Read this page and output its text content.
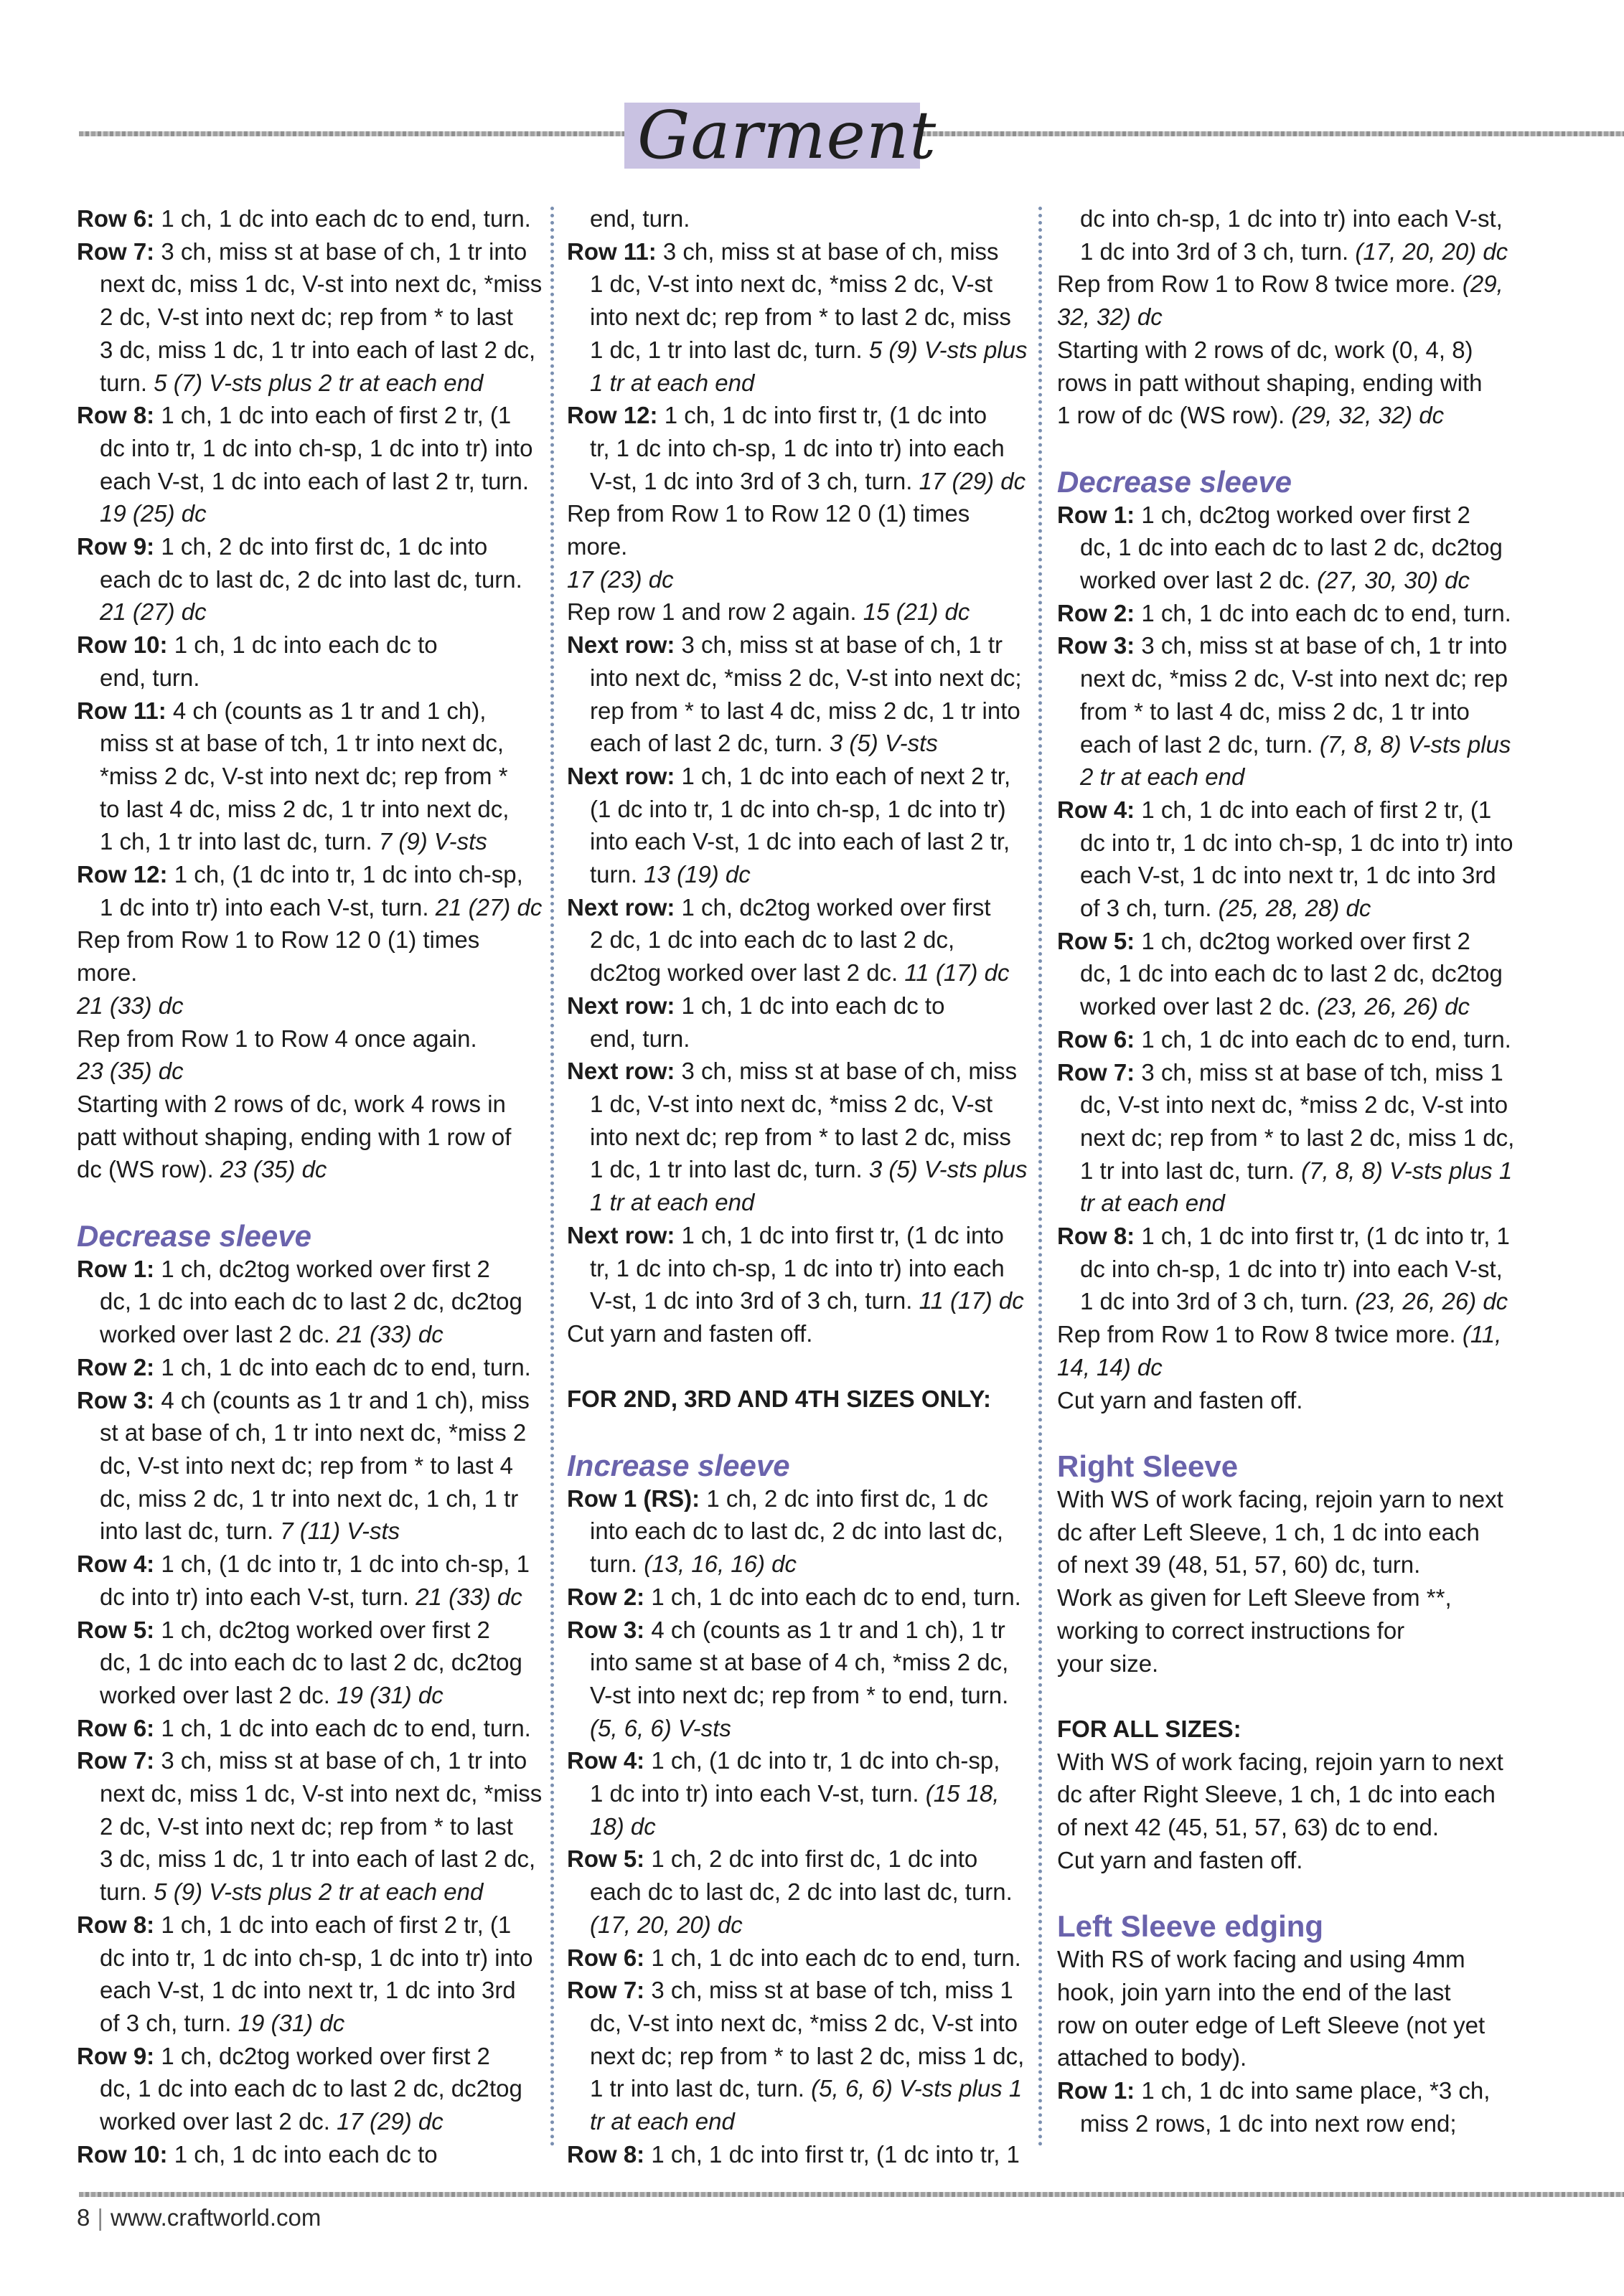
Garment
Row 6: 1 ch, 1 dc into each dc to end, turn.
Row 7: 3 ch, miss st at base of ch, 1 tr into
next dc, miss 1 dc, V-st into next dc, *miss
2 dc, V-st into next dc; rep from * to last
3 dc, miss 1 dc, 1 tr into each of last 2 dc,
turn. 5 (7) V-sts plus 2 tr at each end
Row 8: 1 ch, 1 dc into each of first 2 tr, (1
dc into tr, 1 dc into ch-sp, 1 dc into tr) into
each V-st, 1 dc into each of last 2 tr, turn.
19 (25) dc
Row 9: 1 ch, 2 dc into first dc, 1 dc into
each dc to last dc, 2 dc into last dc, turn.
21 (27) dc
Row 10: 1 ch, 1 dc into each dc to
end, turn.
Row 11: 4 ch (counts as 1 tr and 1 ch),
miss st at base of tch, 1 tr into next dc,
*miss 2 dc, V-st into next dc; rep from *
to last 4 dc, miss 2 dc, 1 tr into next dc,
1 ch, 1 tr into last dc, turn. 7 (9) V-sts
Row 12: 1 ch, (1 dc into tr, 1 dc into ch-sp,
1 dc into tr) into each V-st, turn. 21 (27) dc
Rep from Row 1 to Row 12 0 (1) times more.
21 (33) dc
Rep from Row 1 to Row 4 once again.
23 (35) dc
Starting with 2 rows of dc, work 4 rows in
patt without shaping, ending with 1 row of
dc (WS row). 23 (35) dc
Decrease sleeve
Row 1: 1 ch, dc2tog worked over first 2
dc, 1 dc into each dc to last 2 dc, dc2tog
worked over last 2 dc. 21 (33) dc
Row 2: 1 ch, 1 dc into each dc to end, turn.
Row 3: 4 ch (counts as 1 tr and 1 ch), miss
st at base of ch, 1 tr into next dc, *miss 2
dc, V-st into next dc; rep from * to last 4
dc, miss 2 dc, 1 tr into next dc, 1 ch, 1 tr
into last dc, turn. 7 (11) V-sts
Row 4: 1 ch, (1 dc into tr, 1 dc into ch-sp, 1
dc into tr) into each V-st, turn. 21 (33) dc
Row 5: 1 ch, dc2tog worked over first 2
dc, 1 dc into each dc to last 2 dc, dc2tog
worked over last 2 dc. 19 (31) dc
Row 6: 1 ch, 1 dc into each dc to end, turn.
Row 7: 3 ch, miss st at base of ch, 1 tr into
next dc, miss 1 dc, V-st into next dc, *miss
2 dc, V-st into next dc; rep from * to last
3 dc, miss 1 dc, 1 tr into each of last 2 dc,
turn. 5 (9) V-sts plus 2 tr at each end
Row 8: 1 ch, 1 dc into each of first 2 tr, (1
dc into tr, 1 dc into ch-sp, 1 dc into tr) into
each V-st, 1 dc into next tr, 1 dc into 3rd
of 3 ch, turn. 19 (31) dc
Row 9: 1 ch, dc2tog worked over first 2
dc, 1 dc into each dc to last 2 dc, dc2tog
worked over last 2 dc. 17 (29) dc
Row 10: 1 ch, 1 dc into each dc to
end, turn.
Row 11: 3 ch, miss st at base of ch, miss
1 dc, V-st into next dc, *miss 2 dc, V-st
into next dc; rep from * to last 2 dc, miss
1 dc, 1 tr into last dc, turn. 5 (9) V-sts plus
1 tr at each end
Row 12: 1 ch, 1 dc into first tr, (1 dc into
tr, 1 dc into ch-sp, 1 dc into tr) into each
V-st, 1 dc into 3rd of 3 ch, turn. 17 (29) dc
Rep from Row 1 to Row 12 0 (1) times more.
17 (23) dc
Rep row 1 and row 2 again. 15 (21) dc
Next row: 3 ch, miss st at base of ch, 1 tr
into next dc, *miss 2 dc, V-st into next dc;
rep from * to last 4 dc, miss 2 dc, 1 tr into
each of last 2 dc, turn. 3 (5) V-sts
Next row: 1 ch, 1 dc into each of next 2 tr,
(1 dc into tr, 1 dc into ch-sp, 1 dc into tr)
into each V-st, 1 dc into each of last 2 tr,
turn. 13 (19) dc
Next row: 1 ch, dc2tog worked over first
2 dc, 1 dc into each dc to last 2 dc,
dc2tog worked over last 2 dc. 11 (17) dc
Next row: 1 ch, 1 dc into each dc to
end, turn.
Next row: 3 ch, miss st at base of ch, miss
1 dc, V-st into next dc, *miss 2 dc, V-st
into next dc; rep from * to last 2 dc, miss
1 dc, 1 tr into last dc, turn. 3 (5) V-sts plus
1 tr at each end
Next row: 1 ch, 1 dc into first tr, (1 dc into
tr, 1 dc into ch-sp, 1 dc into tr) into each
V-st, 1 dc into 3rd of 3 ch, turn. 11 (17) dc
Cut yarn and fasten off.
FOR 2ND, 3RD AND 4TH SIZES ONLY:
Increase sleeve
Row 1 (RS): 1 ch, 2 dc into first dc, 1 dc
into each dc to last dc, 2 dc into last dc,
turn. (13, 16, 16) dc
Row 2: 1 ch, 1 dc into each dc to end, turn.
Row 3: 4 ch (counts as 1 tr and 1 ch), 1 tr
into same st at base of 4 ch, *miss 2 dc,
V-st into next dc; rep from * to end, turn.
(5, 6, 6) V-sts
Row 4: 1 ch, (1 dc into tr, 1 dc into ch-sp,
1 dc into tr) into each V-st, turn. (15 18,
18) dc
Row 5: 1 ch, 2 dc into first dc, 1 dc into
each dc to last dc, 2 dc into last dc, turn.
(17, 20, 20) dc
Row 6: 1 ch, 1 dc into each dc to end, turn.
Row 7: 3 ch, miss st at base of tch, miss 1
dc, V-st into next dc, *miss 2 dc, V-st into
next dc; rep from * to last 2 dc, miss 1 dc,
1 tr into last dc, turn. (5, 6, 6) V-sts plus 1
tr at each end
Row 8: 1 ch, 1 dc into first tr, (1 dc into tr, 1
dc into ch-sp, 1 dc into tr) into each V-st,
1 dc into 3rd of 3 ch, turn. (17, 20, 20) dc
Rep from Row 1 to Row 8 twice more. (29,
32, 32) dc
Starting with 2 rows of dc, work (0, 4, 8)
rows in patt without shaping, ending with
1 row of dc (WS row). (29, 32, 32) dc
Decrease sleeve
Row 1: 1 ch, dc2tog worked over first 2
dc, 1 dc into each dc to last 2 dc, dc2tog
worked over last 2 dc. (27, 30, 30) dc
Row 2: 1 ch, 1 dc into each dc to end, turn.
Row 3: 3 ch, miss st at base of ch, 1 tr into
next dc, *miss 2 dc, V-st into next dc; rep
from * to last 4 dc, miss 2 dc, 1 tr into
each of last 2 dc, turn. (7, 8, 8) V-sts plus
2 tr at each end
Row 4: 1 ch, 1 dc into each of first 2 tr, (1
dc into tr, 1 dc into ch-sp, 1 dc into tr) into
each V-st, 1 dc into next tr, 1 dc into 3rd
of 3 ch, turn. (25, 28, 28) dc
Row 5: 1 ch, dc2tog worked over first 2
dc, 1 dc into each dc to last 2 dc, dc2tog
worked over last 2 dc. (23, 26, 26) dc
Row 6: 1 ch, 1 dc into each dc to end, turn.
Row 7: 3 ch, miss st at base of tch, miss 1
dc, V-st into next dc, *miss 2 dc, V-st into
next dc; rep from * to last 2 dc, miss 1 dc,
1 tr into last dc, turn. (7, 8, 8) V-sts plus 1
tr at each end
Row 8: 1 ch, 1 dc into first tr, (1 dc into tr, 1
dc into ch-sp, 1 dc into tr) into each V-st,
1 dc into 3rd of 3 ch, turn. (23, 26, 26) dc
Rep from Row 1 to Row 8 twice more. (11,
14, 14) dc
Cut yarn and fasten off.
Right Sleeve
With WS of work facing, rejoin yarn to next
dc after Left Sleeve, 1 ch, 1 dc into each
of next 39 (48, 51, 57, 60) dc, turn.
Work as given for Left Sleeve from **,
working to correct instructions for
your size.
FOR ALL SIZES:
With WS of work facing, rejoin yarn to next
dc after Right Sleeve, 1 ch, 1 dc into each
of next 42 (45, 51, 57, 63) dc to end.
Cut yarn and fasten off.
Left Sleeve edging
With RS of work facing and using 4mm
hook, join yarn into the end of the last
row on outer edge of Left Sleeve (not yet
attached to body).
Row 1: 1 ch, 1 dc into same place, *3 ch,
miss 2 rows, 1 dc into next row end;
8 | www.craftworld.com
